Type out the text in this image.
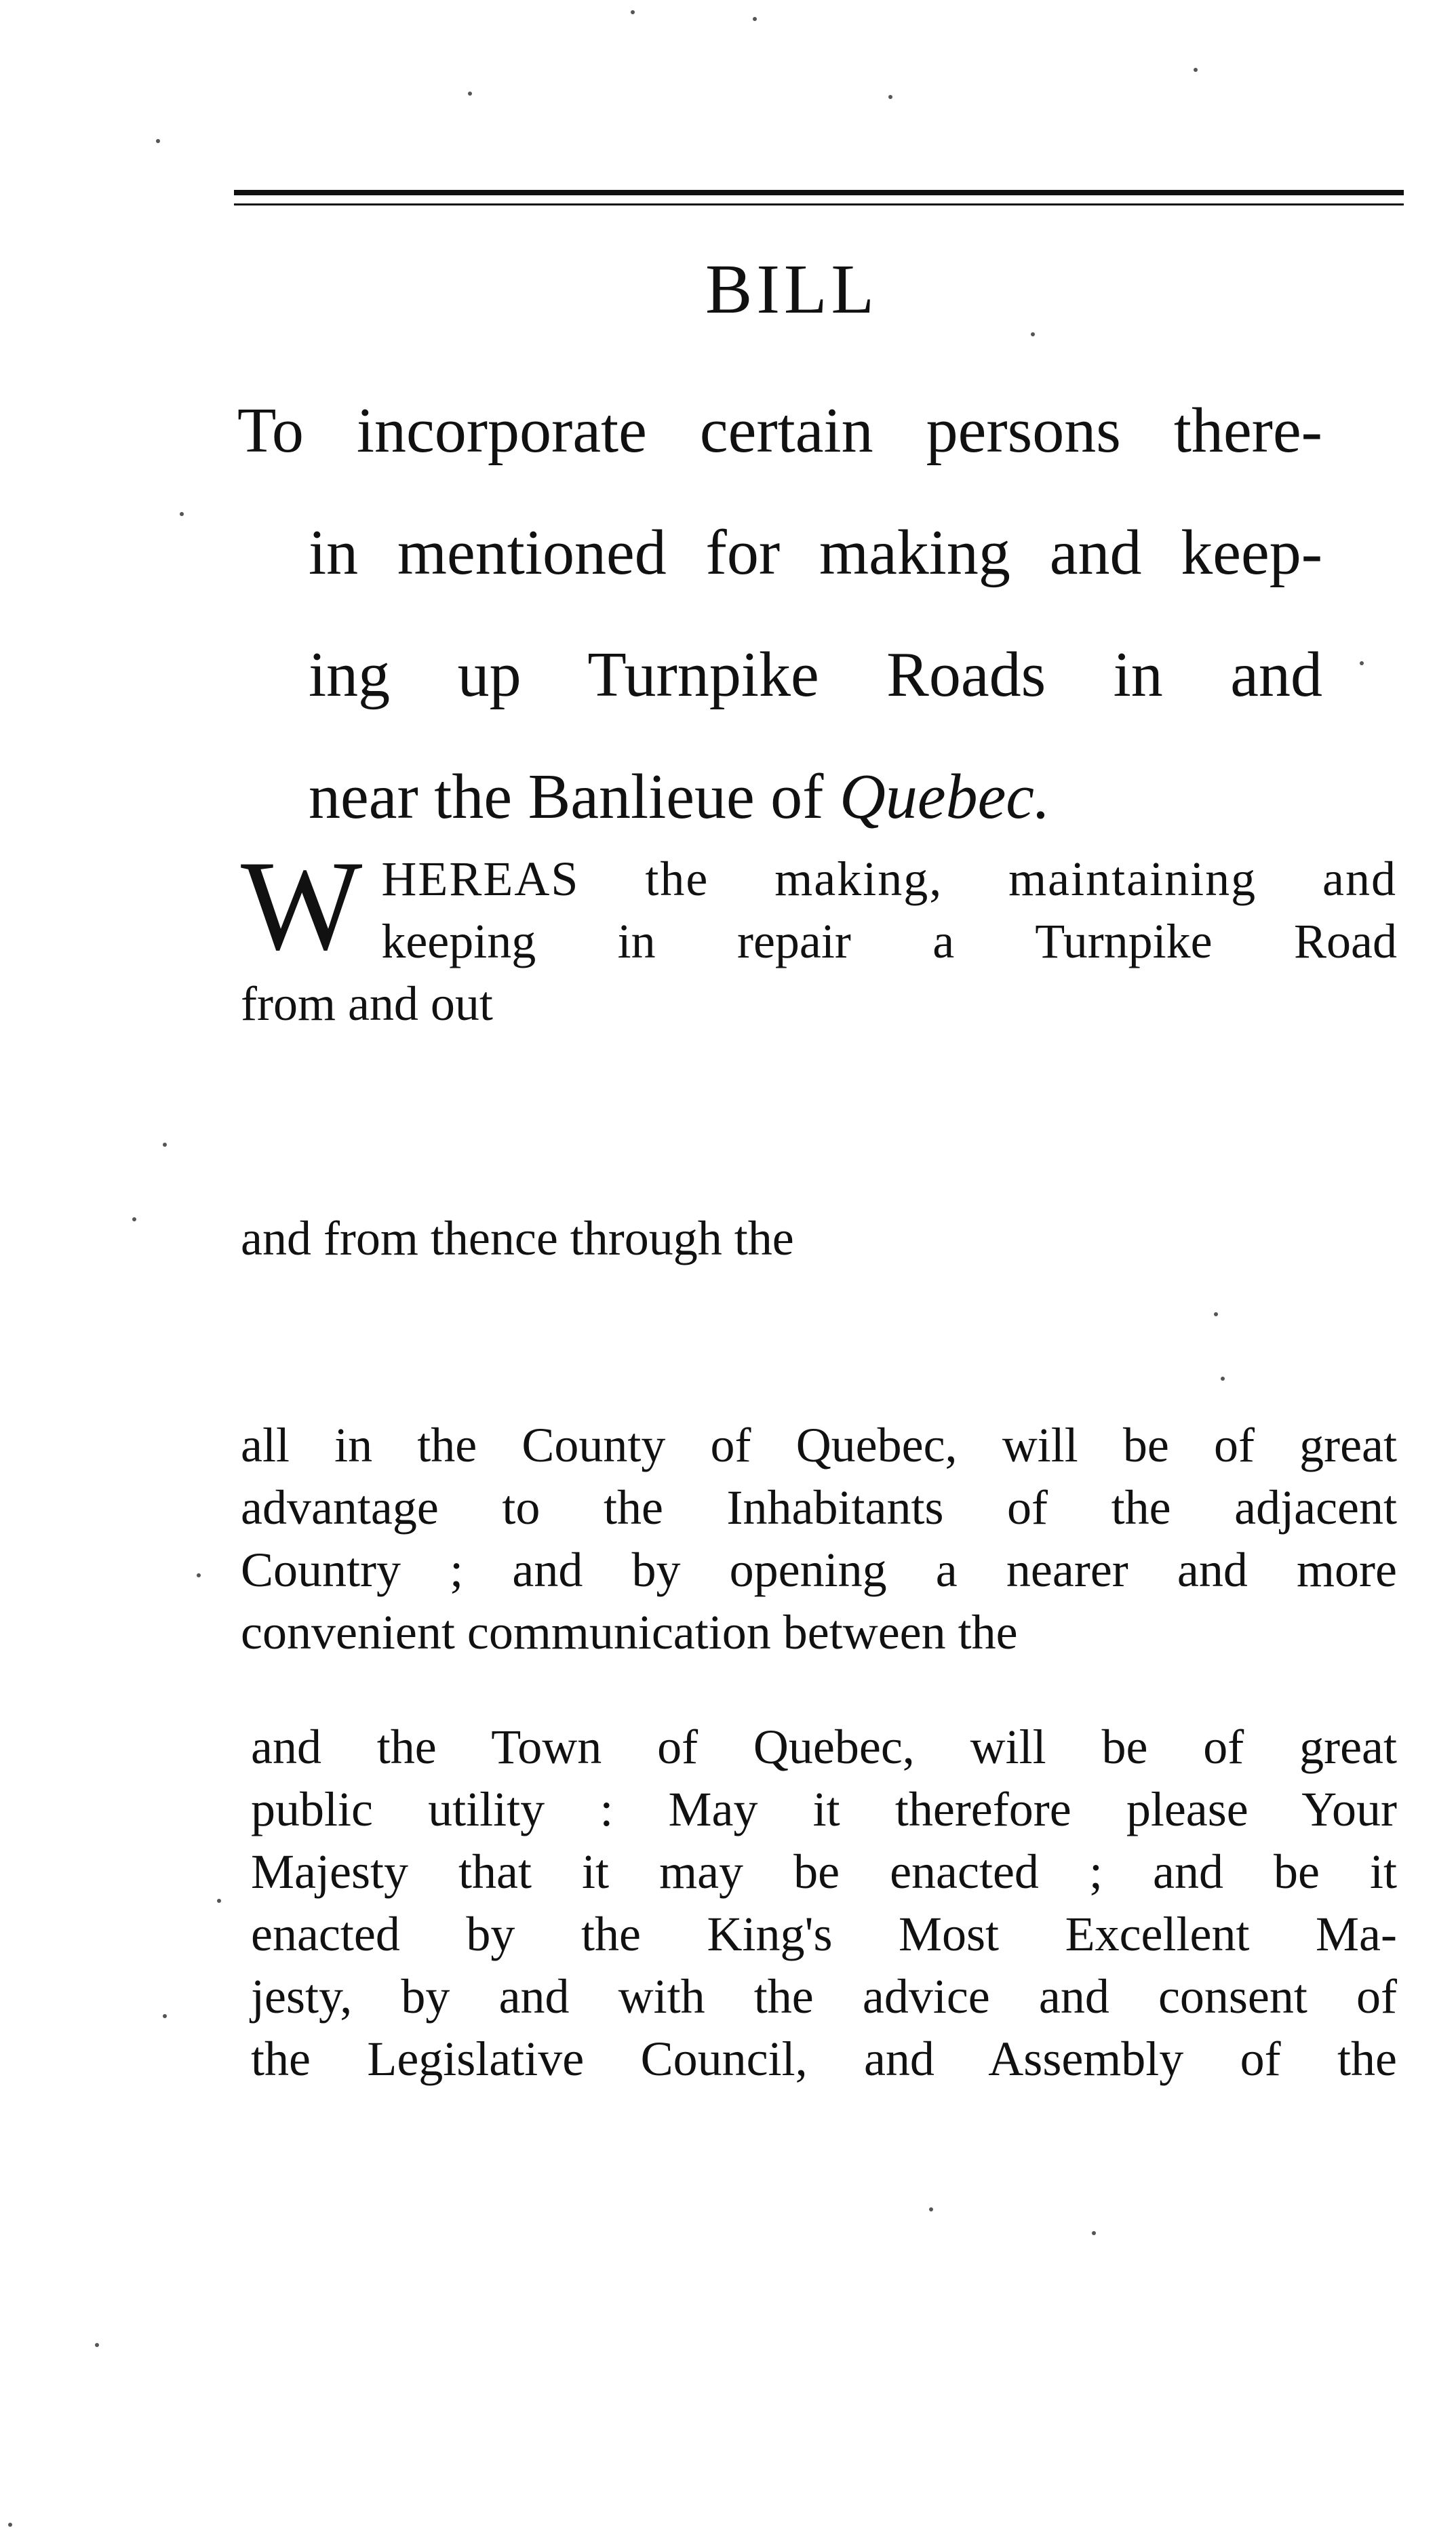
BILL
To incorporate certain persons there-
in mentioned for making and keep-
ing up Turnpike Roads in and
near the Banlieue of Quebec.
W HEREAS the making, maintaining and
keeping in repair a Turnpike Road
from and out
and from thence through the
all in the County of Quebec, will be of great
advantage to the Inhabitants of the adjacent
Country ; and by opening a nearer and more
convenient communication between the
and the Town of Quebec, will be of great
public utility : May it therefore please Your
Majesty that it may be enacted ; and be it
enacted by the King's Most Excellent Ma-
jesty, by and with the advice and consent of
the Legislative Council, and Assembly of the
